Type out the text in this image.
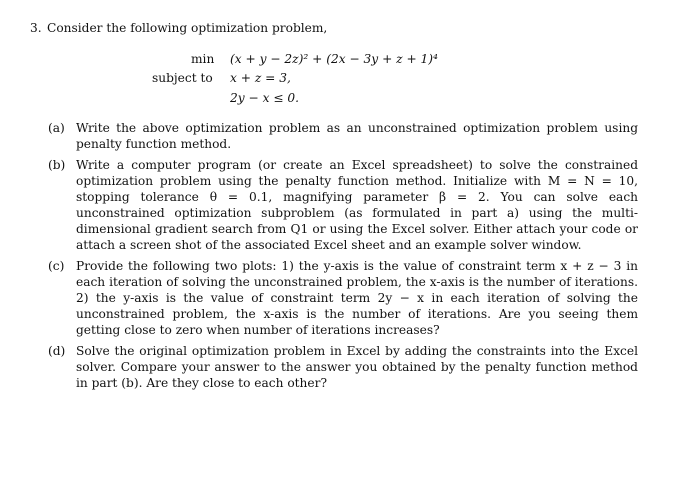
3. Consider the following optimization problem,
min (x + y − 2z)² + (2x − 3y + z + 1)⁴
subject to x + z = 3,
2y − x ≤ 0.
(a) Write the above optimization problem as an unconstrained optimization problem using penalty function method.
(b) Write a computer program (or create an Excel spreadsheet) to solve the constrained optimization problem using the penalty function method. Initialize with M = N = 10, stopping tolerance θ = 0.1, magnifying parameter β = 2. You can solve each unconstrained optimization subproblem (as formulated in part a) using the multi-dimensional gradient search from Q1 or using the Excel solver. Either attach your code or attach a screen shot of the associated Excel sheet and an example solver window.
(c) Provide the following two plots: 1) the y-axis is the value of constraint term x + z − 3 in each iteration of solving the unconstrained problem, the x-axis is the number of iterations. 2) the y-axis is the value of constraint term 2y − x in each iteration of solving the unconstrained problem, the x-axis is the number of iterations. Are you seeing them getting close to zero when number of iterations increases?
(d) Solve the original optimization problem in Excel by adding the constraints into the Excel solver. Compare your answer to the answer you obtained by the penalty function method in part (b). Are they close to each other?
